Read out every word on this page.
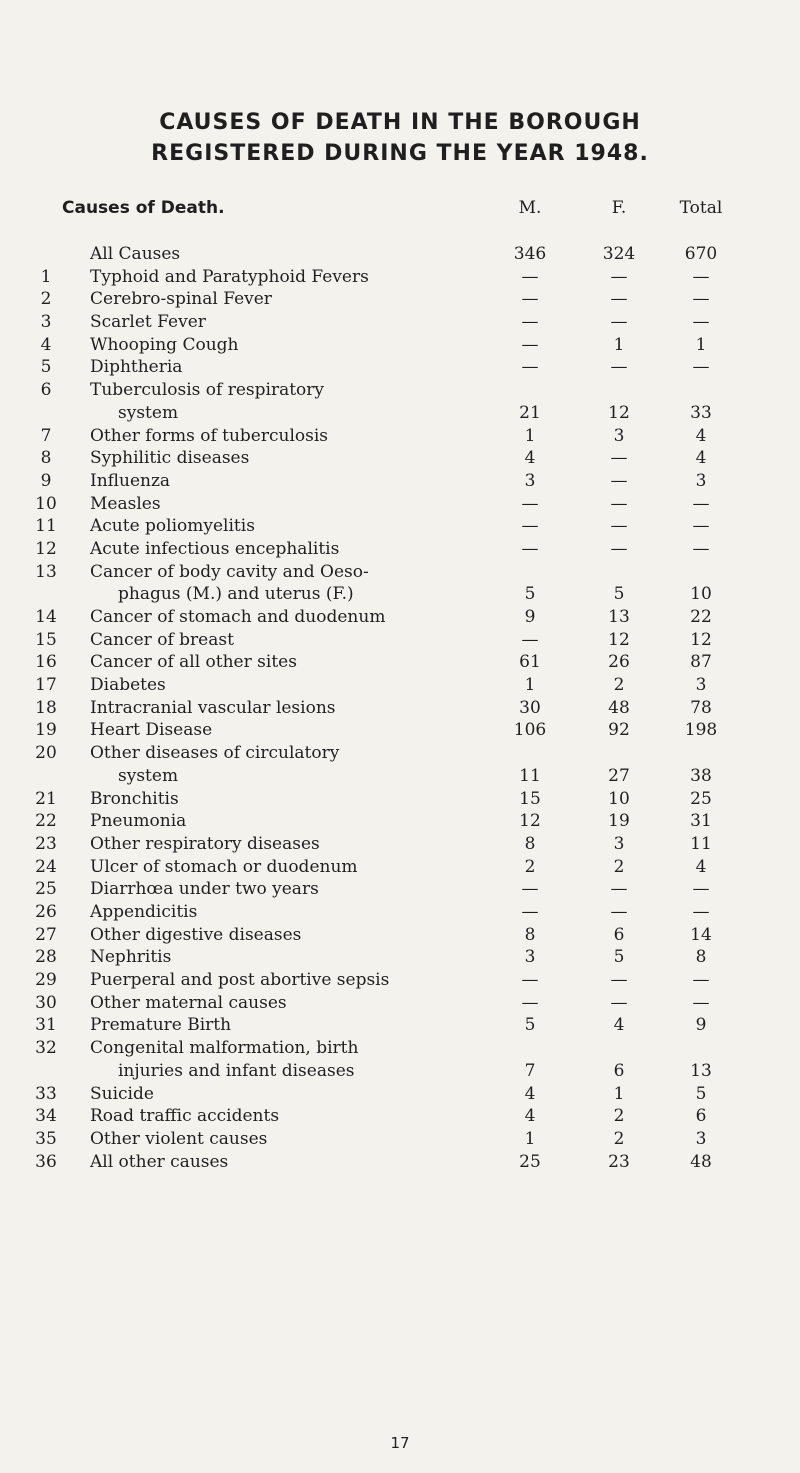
CAUSES OF DEATH IN THE BOROUGH
REGISTERED DURING THE YEAR 1948.
Causes of Death.	M.	F.	Total
All Causes	346	324	670
1	Typhoid and Paratyphoid Fevers	—	—	—
2	Cerebro-spinal Fever	—	—	—
3	Scarlet Fever	—	—	—
4	Whooping Cough	—	1	1
5	Diphtheria	—	—	—
6	Tuberculosis of respiratory
system	21	12	33
7	Other forms of tuberculosis	1	3	4
8	Syphilitic diseases	4	—	4
9	Influenza	3	—	3
10	Measles	—	—	—
11	Acute poliomyelitis	—	—	—
12	Acute infectious encephalitis	—	—	—
13	Cancer of body cavity and Oeso-
phagus (M.) and uterus (F.)	5	5	10
14	Cancer of stomach and duodenum	9	13	22
15	Cancer of breast	—	12	12
16	Cancer of all other sites	61	26	87
17	Diabetes	1	2	3
18	Intracranial vascular lesions	30	48	78
19	Heart Disease	106	92	198
20	Other diseases of circulatory
system	11	27	38
21	Bronchitis	15	10	25
22	Pneumonia	12	19	31
23	Other respiratory diseases	8	3	11
24	Ulcer of stomach or duodenum	2	2	4
25	Diarrhœa under two years	—	—	—
26	Appendicitis	—	—	—
27	Other digestive diseases	8	6	14
28	Nephritis	3	5	8
29	Puerperal and post abortive sepsis	—	—	—
30	Other maternal causes	—	—	—
31	Premature Birth	5	4	9
32	Congenital malformation, birth
injuries and infant diseases	7	6	13
33	Suicide	4	1	5
34	Road traffic accidents	4	2	6
35	Other violent causes	1	2	3
36	All other causes	25	23	48
17
